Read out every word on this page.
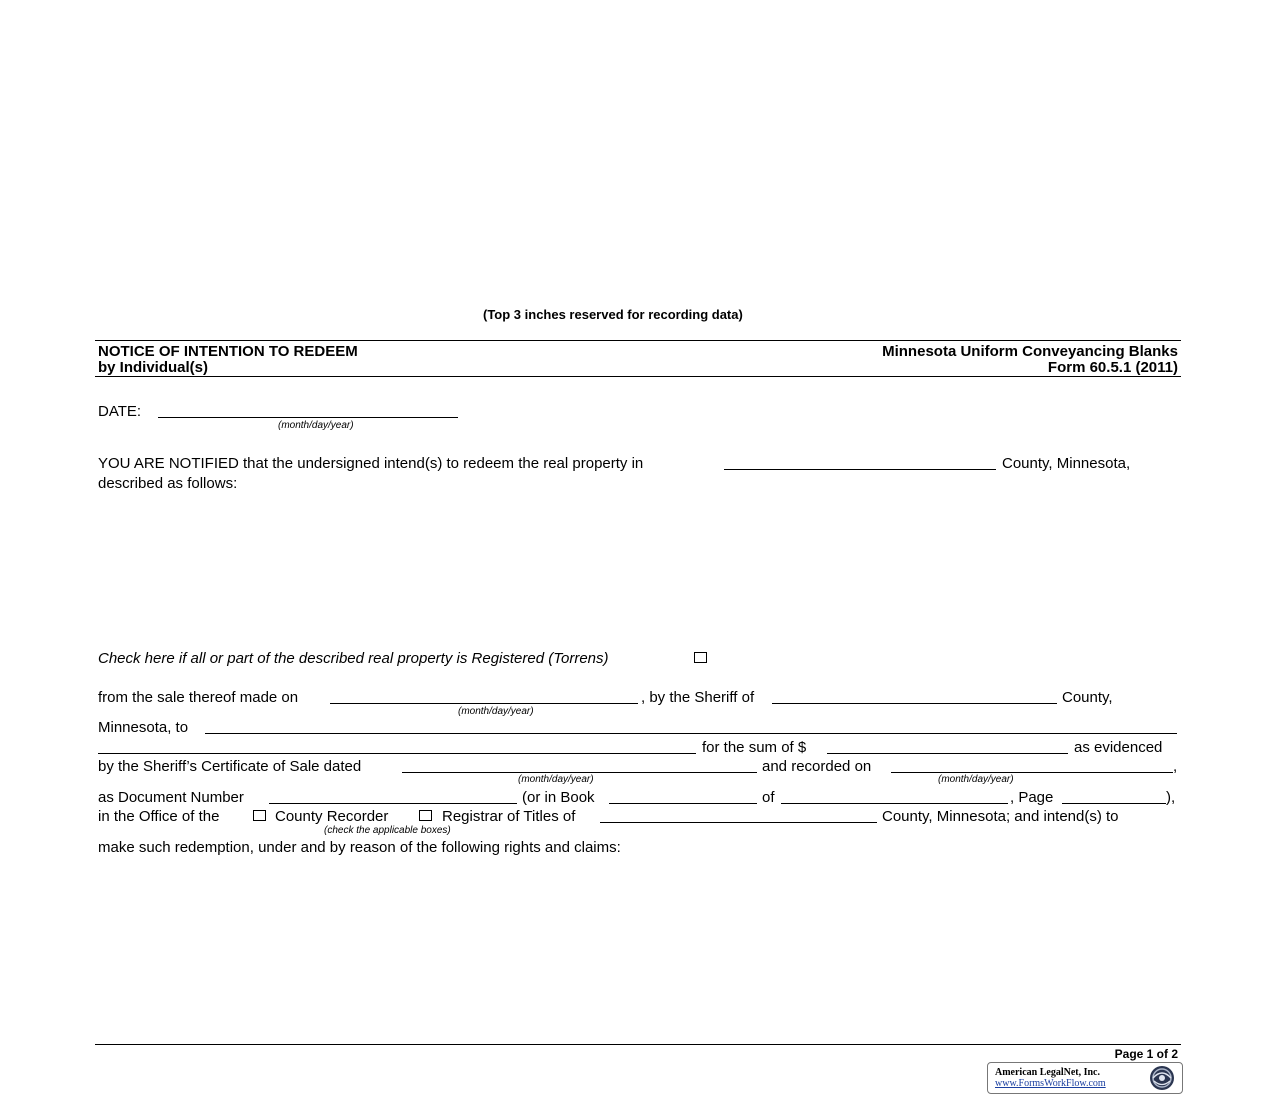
(Top 3 inches reserved for recording data)
NOTICE OF INTENTION TO REDEEM
by Individual(s)
Minnesota Uniform Conveyancing Blanks
Form 60.5.1 (2011)
DATE:
(month/day/year)
YOU ARE NOTIFIED that the undersigned intend(s) to redeem the real property in	County, Minnesota,
described as follows:
Check here if all or part of the described real property is Registered (Torrens)
from the sale thereof made on	, by the Sheriff of	County,
(month/day/year)
Minnesota, to
for the sum of $	as evidenced
by the Sheriff’s Certificate of Sale dated	and recorded on	,
(month/day/year)	(month/day/year)
as Document Number	(or in Book	of	, Page	),
in the Office of the	County Recorder	Registrar of Titles of	County, Minnesota; and intend(s) to
(check the applicable boxes)
make such redemption, under and by reason of the following rights and claims:
Page 1 of 2
American LegalNet, Inc.
www.FormsWorkFlow.com
